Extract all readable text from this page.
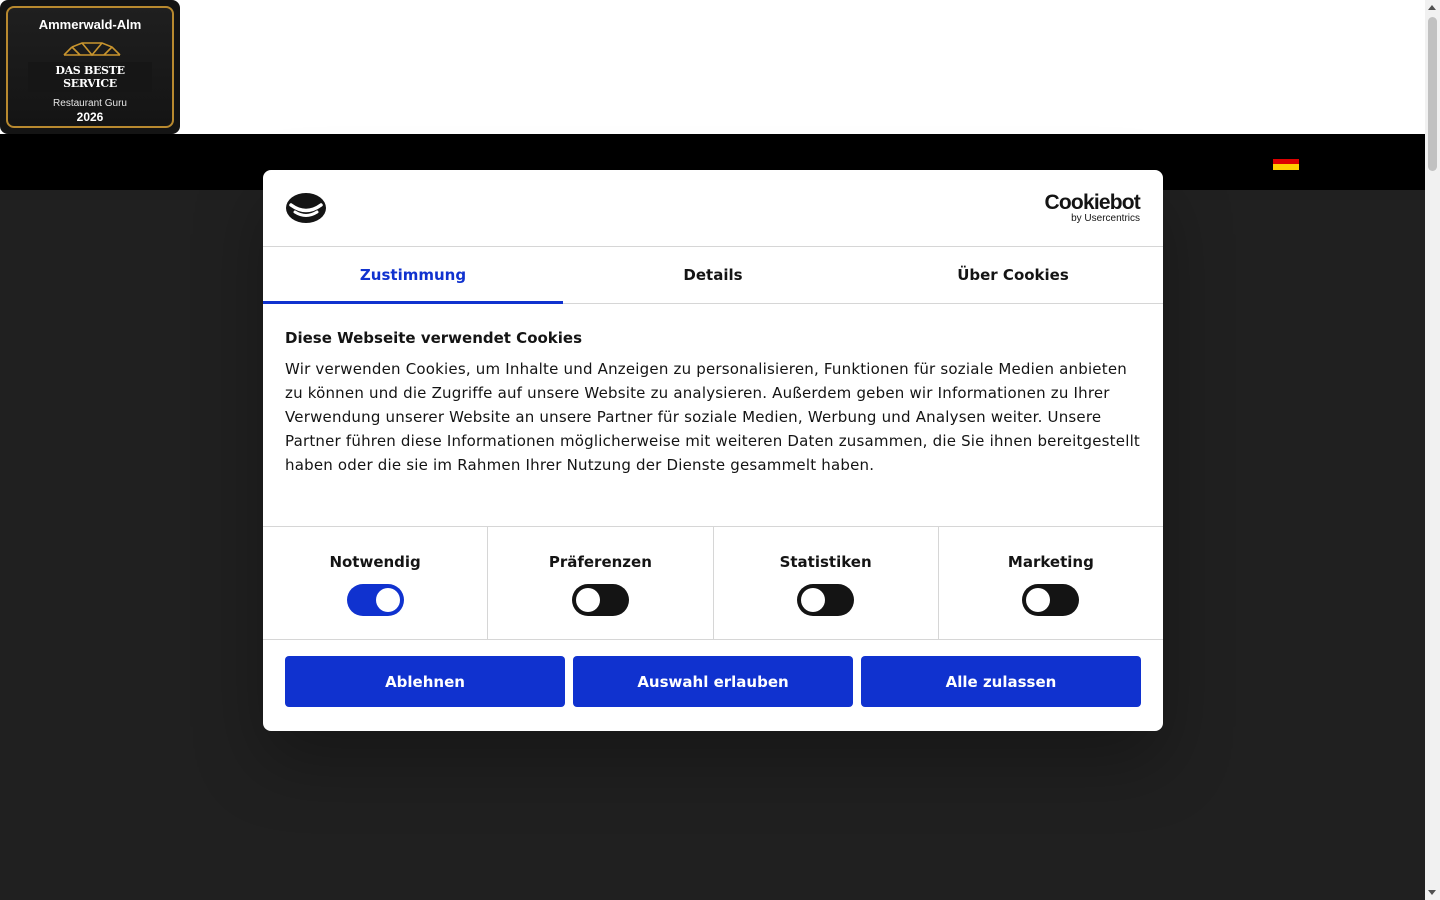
Ammerwald-Alm
DAS BESTE SERVICE
Restaurant Guru
2026
Cookiebot
by Usercentrics
Zustimmung	Details	Über Cookies
Diese Webseite verwendet Cookies
Wir verwenden Cookies, um Inhalte und Anzeigen zu personalisieren, Funktionen für soziale Medien anbieten zu können und die Zugriffe auf unsere Website zu analysieren. Außerdem geben wir Informationen zu Ihrer Verwendung unserer Website an unsere Partner für soziale Medien, Werbung und Analysen weiter. Unsere Partner führen diese Informationen möglicherweise mit weiteren Daten zusammen, die Sie ihnen bereitgestellt haben oder die sie im Rahmen Ihrer Nutzung der Dienste gesammelt haben.
Notwendig	Präferenzen	Statistiken	Marketing
Ablehnen	Auswahl erlauben	Alle zulassen
